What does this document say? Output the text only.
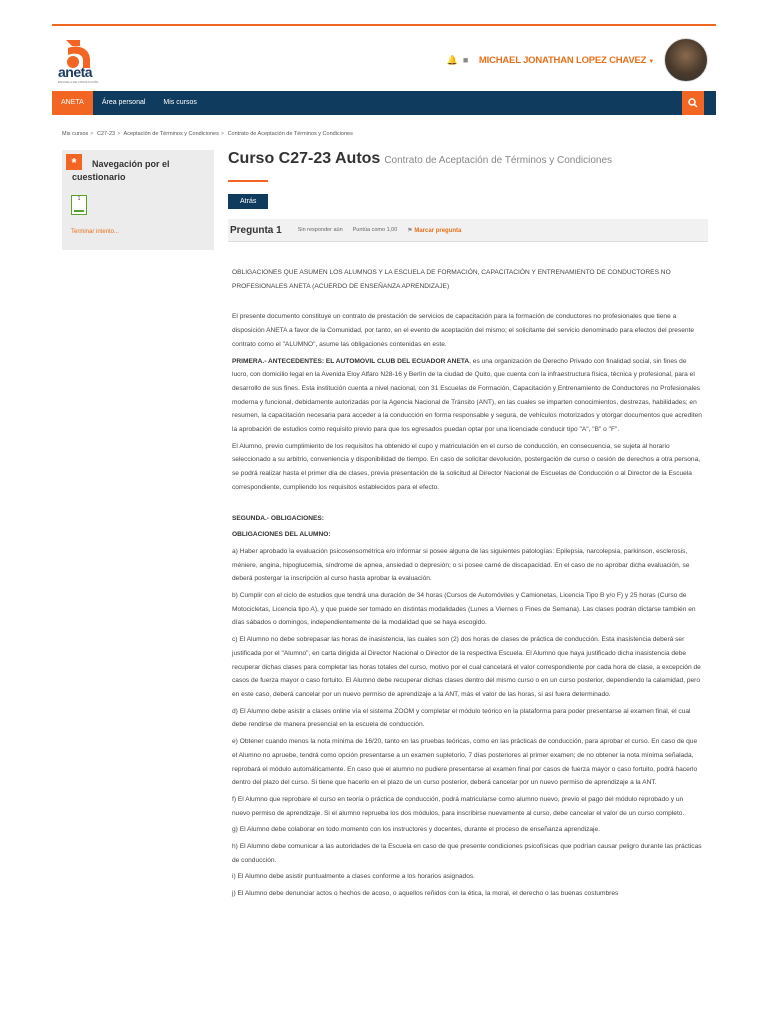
aneta
ESCUELA DE CONDUCCIÓN
🔔 ■	MICHAEL JONATHAN LOPEZ CHAVEZ ▼
ANETA	Área personal	Mis cursos
Mis cursos > C27-23 > Aceptación de Términos y Condiciones > Contrato de Aceptación de Términos y Condiciones
*	Navegación por el cuestionario
1
Terminar intento...
Curso C27-23 Autos Contrato de Aceptación de Términos y Condiciones
Atrás
Pregunta 1	Sin responder aún Puntúa como 1,00 ⚑ Marcar pregunta

OBLIGACIONES QUE ASUMEN LOS ALUMNOS Y LA ESCUELA DE FORMACIÓN, CAPACITACIÓN Y ENTRENAMIENTO DE CONDUCTORES NO PROFESIONALES ANETA (ACUERDO DE ENSEÑANZA APRENDIZAJE)

El presente documento constituye un contrato de prestación de servicios de capacitación para la formación de conductores no profesionales que tiene a disposición ANETA a favor de la Comunidad, por tanto, en el evento de aceptación del mismo; el solicitante del servicio denominado para efectos del presente contrato como el "ALUMNO", asume las obligaciones contenidas en este.

PRIMERA.- ANTECEDENTES: EL AUTOMOVIL CLUB DEL ECUADOR ANETA, es una organización de Derecho Privado con finalidad social, sin fines de lucro, con domicilio legal en la Avenida Eloy Alfaro N28-16 y Berlín de la ciudad de Quito, que cuenta con la infraestructura física, técnica y profesional, para el desarrollo de sus fines. Esta institución cuenta a nivel nacional, con 31 Escuelas de Formación, Capacitación y Entrenamiento de Conductores no Profesionales moderna y funcional, debidamente autorizadas por la Agencia Nacional de Tránsito (ANT), en las cuales se imparten conocimientos, destrezas, habilidades; en resumen, la capacitación necesaria para acceder a la conducción en forma responsable y segura, de vehículos motorizados y otorgar documentos que acrediten la aprobación de estudios como requisito previo para que los egresados puedan optar por una licenciade conducir tipo "A", "B" o "F".

El Alumno, previo cumplimiento de los requisitos ha obtenido el cupo y matriculación en el curso de conducción, en consecuencia, se sujeta al horario seleccionado a su arbitrio, conveniencia y disponibilidad de tiempo. En caso de solicitar devolución, postergación de curso o cesión de derechos a otra persona, se podrá realizar hasta el primer día de clases, previa presentación de la solicitud al Director Nacional de Escuelas de Conducción o al Director de la Escuela correspondiente, cumpliendo los requisitos establecidos para el efecto.

SEGUNDA.- OBLIGACIONES:

OBLIGACIONES DEL ALUMNO:

a) Haber aprobado la evaluación psicosensométrica e/o informar si posee alguna de las siguientes patologías: Epilepsia, narcolepsia, parkinson, esclerosis, méniere, angina, hipoglucemia, síndrome de apnea, ansiedad o depresión; o si posee carné de discapacidad. En el caso de no aprobar dicha evaluación, se deberá postergar la inscripción al curso hasta aprobar la evaluación.

b) Cumplir con el ciclo de estudios que tendrá una duración de 34 horas (Cursos de Automóviles y Camionetas, Licencia Tipo B y/o F) y 25 horas (Curso de Motocicletas, Licencia tipo A), y que puede ser tomado en distintas modalidades (Lunes a Viernes o Fines de Semana). Las clases podrán dictarse también en días sábados o domingos, independientemente de la modalidad que se haya escogido.

c) El Alumno no debe sobrepasar las horas de inasistencia, las cuales son (2) dos horas de clases de práctica de conducción. Esta inasistencia deberá ser justificada por el "Alumno", en carta dirigida al Director Nacional o Director de la respectiva Escuela. El Alumno que haya justificado dicha inasistencia debe recuperar dichas clases para completar las horas totales del curso, motivo por el cual cancelará el valor correspondiente por cada hora de clase, a excepción de casos de fuerza mayor o caso fortuito. El Alumno debe recuperar dichas clases dentro del mismo curso o en un curso posterior, dependiendo la calamidad, pero en este caso, deberá cancelar por un nuevo permiso de aprendizaje a la ANT, más el valor de las horas, si así fuera determinado.

d) El Alumno debe asistir a clases online vía el sistema ZOOM y completar el módulo teórico en la plataforma para poder presentarse al examen final, el cual debe rendirse de manera presencial en la escuela de conducción.

e) Obtener cuando menos la nota mínima de 16/20, tanto en las pruebas teóricas, como en las prácticas de conducción, para aprobar el curso. En caso de que el Alumno no apruebe, tendrá como opción presentarse a un examen supletorio, 7 días posteriores al primer examen; de no obtener la nota mínima señalada, reprobará el módulo automáticamente. En caso que el alumno no pudiere presentarse al examen final por casos de fuerza mayor o caso fortuito, podrá hacerlo dentro del plazo del curso. Si tiene que hacerlo en el plazo de un curso posterior, deberá cancelar por un nuevo permiso de aprendizaje a la ANT.

f) El Alumno que reprobare el curso en teoría o práctica de conducción, podrá matricularse como alumno nuevo, previo el pago del módulo reprobado y un nuevo permiso de aprendizaje. Si el alumno reprueba los dos módulos, para inscribirse nuevamente al curso, debe cancelar el valor de un curso completo.

g) El Alumno debe colaborar en todo momento con los instructores y docentes, durante el proceso de enseñanza aprendizaje.

h) El Alumno debe comunicar a las autoridades de la Escuela en caso de que presente condiciones psicofísicas que podrían causar peligro durante las prácticas de conducción.

i) El Alumno debe asistir puntualmente a clases conforme a los horarios asignados.

j) El Alumno debe denunciar actos o hechos de acoso, o aquellos reñidos con la ética, la moral, el derecho o las buenas costumbres
